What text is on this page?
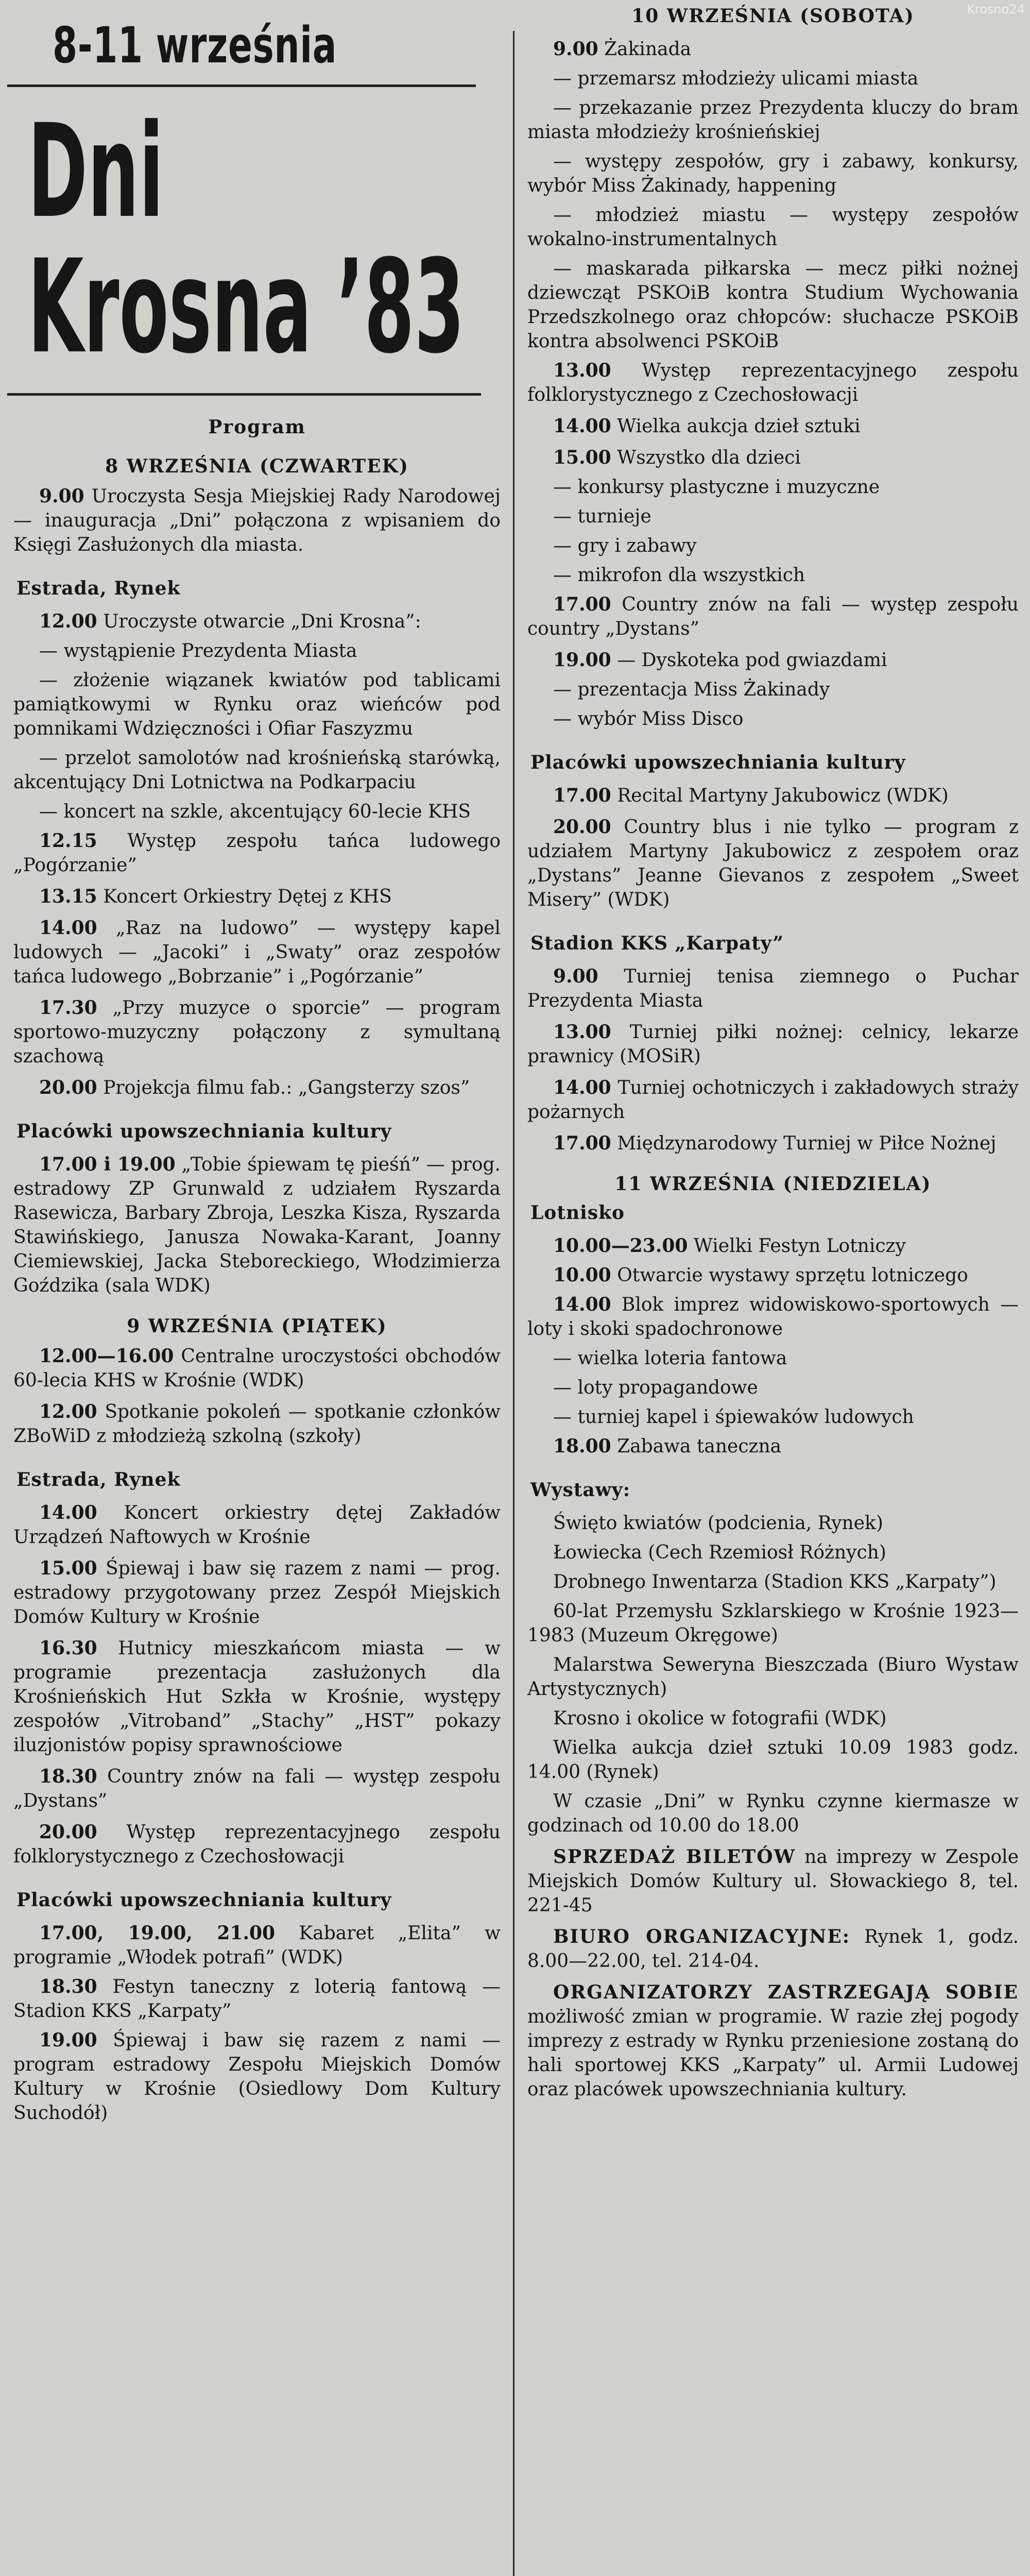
Krosno24
8-11 września
Dni
Krosna ’83
Program
8 WRZEŚNIA (CZWARTEK)
9.00 Uroczysta Sesja Miejskiej Rady Narodowej — inauguracja „Dni” połączona z wpisaniem do Księgi Zasłużonych dla miasta.
Estrada, Rynek
12.00 Uroczyste otwarcie „Dni Krosna”:
— wystąpienie Prezydenta Miasta
— złożenie wiązanek kwiatów pod tablicami pamiątkowymi w Rynku oraz wieńców pod pomnikami Wdzięczności i Ofiar Faszyzmu
— przelot samolotów nad krośnieńską starówką, akcentujący Dni Lotnictwa na Podkarpaciu
— koncert na szkle, akcentujący 60-lecie KHS
12.15 Występ zespołu tańca ludowego „Pogórzanie”
13.15 Koncert Orkiestry Dętej z KHS
14.00 „Raz na ludowo” — występy kapel ludowych — „Jacoki” i „Swaty” oraz zespołów tańca ludowego „Bobrzanie” i „Pogórzanie”
17.30 „Przy muzyce o sporcie” — program sportowo-muzyczny połączony z symultaną szachową
20.00 Projekcja filmu fab.: „Gangsterzy szos”
Placówki upowszechniania kultury
17.00 i 19.00 „Tobie śpiewam tę pieśń” — prog. estradowy ZP Grunwald z udziałem Ryszarda Rasewicza, Barbary Zbroja, Leszka Kisza, Ryszarda Stawińskiego, Janusza Nowaka-Karant, Joanny Ciemiewskiej, Jacka Steboreckiego, Włodzimierza Goździka (sala WDK)
9 WRZEŚNIA (PIĄTEK)
12.00—16.00 Centralne uroczystości obchodów 60-lecia KHS w Krośnie (WDK)
12.00 Spotkanie pokoleń — spotkanie członków ZBoWiD z młodzieżą szkolną (szkoły)
Estrada, Rynek
14.00 Koncert orkiestry dętej Zakładów Urządzeń Naftowych w Krośnie
15.00 Śpiewaj i baw się razem z nami — prog. estradowy przygotowany przez Zespół Miejskich Domów Kultury w Krośnie
16.30 Hutnicy mieszkańcom miasta — w programie prezentacja zasłużonych dla Krośnieńskich Hut Szkła w Krośnie, występy zespołów „Vitroband” „Stachy” „HST” pokazy iluzjonistów popisy sprawnościowe
18.30 Country znów na fali — występ zespołu „Dystans”
20.00 Występ reprezentacyjnego zespołu folklorystycznego z Czechosłowacji
Placówki upowszechniania kultury
17.00, 19.00, 21.00 Kabaret „Elita” w programie „Włodek potrafi” (WDK)
18.30 Festyn taneczny z loterią fantową — Stadion KKS „Karpaty”
19.00 Śpiewaj i baw się razem z nami — program estradowy Zespołu Miejskich Domów Kultury w Krośnie (Osiedlowy Dom Kultury Suchodół)
10 WRZEŚNIA (SOBOTA)
9.00 Żakinada
— przemarsz młodzieży ulicami miasta
— przekazanie przez Prezydenta kluczy do bram miasta młodzieży krośnieńskiej
— występy zespołów, gry i zabawy, konkursy, wybór Miss Żakinady, happening
— młodzież miastu — występy zespołów wokalno-instrumentalnych
— maskarada piłkarska — mecz piłki nożnej dziewcząt PSKOiB kontra Studium Wychowania Przedszkolnego oraz chłopców: słuchacze PSKOiB kontra absolwenci PSKOiB
13.00 Występ reprezentacyjnego zespołu folklorystycznego z Czechosłowacji
14.00 Wielka aukcja dzieł sztuki
15.00 Wszystko dla dzieci
— konkursy plastyczne i muzyczne
— turnieje
— gry i zabawy
— mikrofon dla wszystkich
17.00 Country znów na fali — występ zespołu country „Dystans”
19.00 — Dyskoteka pod gwiazdami
— prezentacja Miss Żakinady
— wybór Miss Disco
Placówki upowszechniania kultury
17.00 Recital Martyny Jakubowicz (WDK)
20.00 Country blus i nie tylko — program z udziałem Martyny Jakubowicz z zespołem oraz „Dystans” Jeanne Gievanos z zespołem „Sweet Misery” (WDK)
Stadion KKS „Karpaty”
9.00 Turniej tenisa ziemnego o Puchar Prezydenta Miasta
13.00 Turniej piłki nożnej: celnicy, lekarze prawnicy (MOSiR)
14.00 Turniej ochotniczych i zakładowych straży pożarnych
17.00 Międzynarodowy Turniej w Piłce Nożnej
11 WRZEŚNIA (NIEDZIELA)
Lotnisko
10.00—23.00 Wielki Festyn Lotniczy
10.00 Otwarcie wystawy sprzętu lotniczego
14.00 Blok imprez widowiskowo-sportowych — loty i skoki spadochronowe
— wielka loteria fantowa
— loty propagandowe
— turniej kapel i śpiewaków ludowych
18.00 Zabawa taneczna
Wystawy:
Święto kwiatów (podcienia, Rynek)
Łowiecka (Cech Rzemiosł Różnych)
Drobnego Inwentarza (Stadion KKS „Karpaty”)
60-lat Przemysłu Szklarskiego w Krośnie 1923—1983 (Muzeum Okręgowe)
Malarstwa Seweryna Bieszczada (Biuro Wystaw Artystycznych)
Krosno i okolice w fotografii (WDK)
Wielka aukcja dzieł sztuki 10.09 1983 godz. 14.00 (Rynek)
W czasie „Dni” w Rynku czynne kiermasze w godzinach od 10.00 do 18.00
SPRZEDAŻ BILETÓW na imprezy w Zespole Miejskich Domów Kultury ul. Słowackiego 8, tel. 221-45
BIURO ORGANIZACYJNE: Rynek 1, godz. 8.00—22.00, tel. 214-04.
ORGANIZATORZY ZASTRZEGAJĄ SOBIE możliwość zmian w programie. W razie złej pogody imprezy z estrady w Rynku przeniesione zostaną do hali sportowej KKS „Karpaty” ul. Armii Ludowej oraz placówek upowszechniania kultury.
